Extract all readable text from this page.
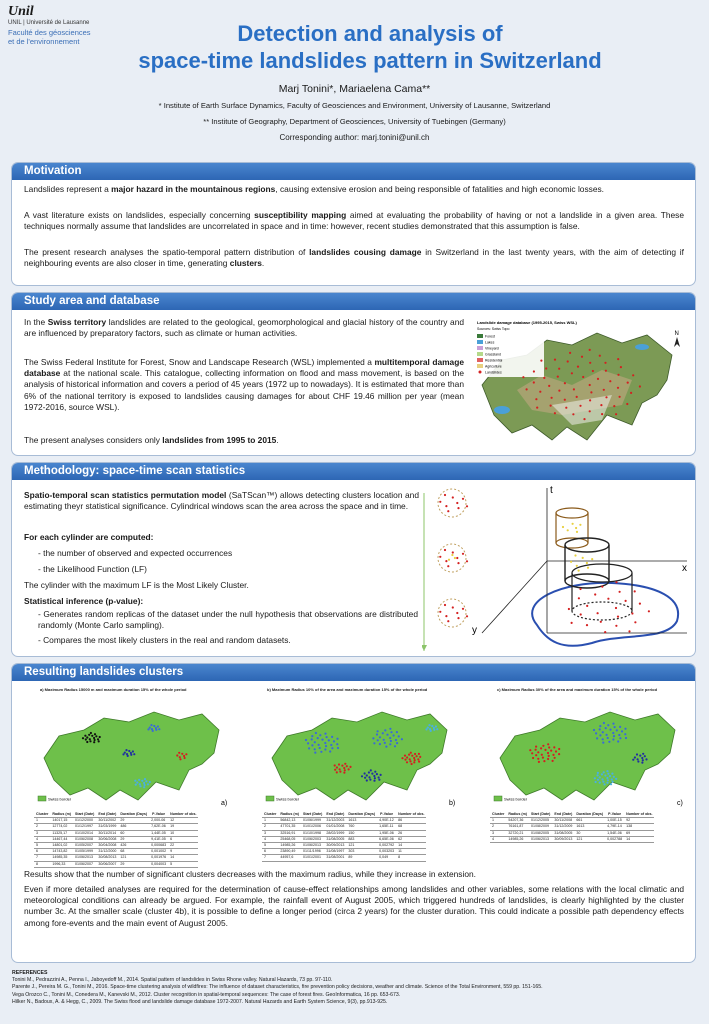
Unil
UNIL | Université de Lausanne
Faculté des géosciences
et de l'environnement	Detection and analysis of
space-time landslides pattern in Switzerland
Marj Tonini*, Mariaelena Cama**
* Institute of Earth Surface Dynamics, Faculty of Geosciences and Environment, University of Lausanne, Switzerland
** Institute of Geography, Department of Geosciences, University of Tuebingen (Germany)
Corresponding author: marj.tonini@unil.ch
Motivation
Landslides represent a major hazard in the mountainous regions, causing extensive erosion and being responsible of fatalities and high economic losses.
A vast literature exists on landslides, especially concerning susceptibility mapping aimed at evaluating the probability of having or not a landslide in a given area. These techniques normally assume that landslides are uncorrelated in space and in time: however, recent studies demonstrated that this assumption is false.
The present research analyses the spatio-temporal pattern distribution of landslides cousing damage in Switzerland in the last twenty years, with the aim of detecting if neighbouring events are also closer in time, generating clusters.
Study area and database
In the Swiss territory landslides are related to the geological, geomorphological and glacial history of the country and are influenced by preparatory factors, such as climate or human activities.
The Swiss Federal Institute for Forest, Snow and Landscape Research (WSL) implemented a multitemporal damage database at the national scale. This catalogue, collecting information on flood and mass movement, is based on the analysis of historical information and covers a period of 45 years (1972 up to nowadays). It is estimated that more than 6% of the national territory is exposed to landslides causing damages for about CHF 19.46 million per year (mean 1972-2016, source WSL).
The present analyses considers only landslides from 1995 to 2015.
Landslide damage database (1995-2015, Swiss WSL)
Sources: Swiss Topo
Forest
Lakes
Vineyard
Grassland
Residential
Agriculture
Landslides
N
Methodology: space-time scan statistics
Spatio-temporal scan statistics permutation model (SaTScan™) allows detecting clusters location and estimating theyr statistical significance. Cylindrical windows scan the area across the space and in time.
For each cylinder are computed:
- the number of observed and expected occurrences
- the Likelihood Function (LF)
The cylinder with the maximum LF is the Most Likely Cluster.
Statistical inference (p-value):
- Generates random replicas of the dataset under the null hypothesis that observations are distributed randomly (Monte Carlo sampling).
- Compares the most likely clusters in the real and random datasets.
t
x
y
Resulting landslides clusters
a) Maximum Radius 15000 m and maximum duration 15% of the whole period
Swiss border
a)
b) Maximum Radius 10% of the area and maximum duration 15% of the whole period
Swiss border
b)
c) Maximum Radius 30% of the area and maximum duration 15% of the whole period
Swiss border
c)
Cluster	Radius (m)	Start (Date)	End (Date)	Duration (Days)	P-Value	Number of obs.
1	14017,15	01/12/2000	30/11/2002	29	2,000-06	12
2	12774,02	01/12/1997	31/03/1999	486	7,62E-06	19
3	11325,17	01/10/2014	30/11/2014	60	1,44E-05	10
4	14467,44	01/06/2008	30/06/2008	29	9,41E-05	6
5	14801,02	01/05/2007	30/04/2008	426	0,000683	22
6	14743,82	01/05/1999	31/12/2000	68	0,001002	9
7	14985,35	01/06/2013	30/08/2013	121	0,001976	14
8	1996,33	01/06/2007	30/06/2007	29	0,004003	5
Cluster	Radius (m)	Start (Date)	End (Date)	Duration (Days)	P-Value	Number of obs.
1	56842,13	01/06/1999	31/12/2003	1613	4,90E-12	86
2	47701,35	01/01/2006	01/01/2008	760	1,65E-11	68
3	32516,91	01/10/1998	28/02/1999	150	1,95E-06	26
4	25468,05	01/06/2003	31/08/2005	883	6,65E-06	62
5	14985,26	01/06/2013	30/09/2013	121	0,002792	14
6	23890,49	01/11/1996	31/08/1997	303	0,003203	11
7	44957,6	01/01/2001	31/08/2001	89	0,049	8
Cluster	Radius (m)	Start (Date)	End (Date)	Duration (Days)	P-Value	Number of obs.
1	54207,36	01/12/2005	30/11/2008	661	1,00E-15	92
2	76161,87	01/08/2009	31/12/2009	1613	4,79E-14	138
3	32720,21	01/08/2005	31/08/2005	30	1,54E-06	69
4	14985,26	01/06/2013	30/09/2013	121	0,002788	14
Results show that the number of significant clusters decreases with the maximum radius, while they increase in extension.
Even if more detailed analyses are required for the determination of cause-effect relationships among landslides and other variables, some relations with the local climatic and meteorological conditions can already be argued. For example, the rainfall event of August 2005, which triggered hundreds of landslides, is clearly highlighted by the cluster number 3c. At the smaller scale (cluster 4b), it is possible to define a longer period (circa 2 years) for the cluster duration. This could indicate a possible path dependency effects among fore-events and the main event of August 2005.
REFERENCES
Tonini M., Pedrazzini A., Penna I., Jaboyedoff M., 2014. Spatial pattern of landslides in Swiss Rhone valley. Natural Hazards, 73 pp. 97-110.
Parente J., Pereira M. G., Tonini M., 2016. Space-time clustering analysis of wildfires: The influence of dataset characteristics, fire prevention policy decisions, weather and climate. Science of the Total Environment, 559 pp. 151-165.
Vega Orozco C., Tonini M., Conedera M., Kanevski M., 2012. Cluster recognition in spatial-temporal sequences: The case of forest fires. GeoInformatica, 16 pp. 653-673.
Hilker N., Badoux, A. & Hegg, C., 2009. The Swiss flood and landslide damage database 1972-2007. Natural Hazards and Earth System Science, 9(3), pp.913-925.
